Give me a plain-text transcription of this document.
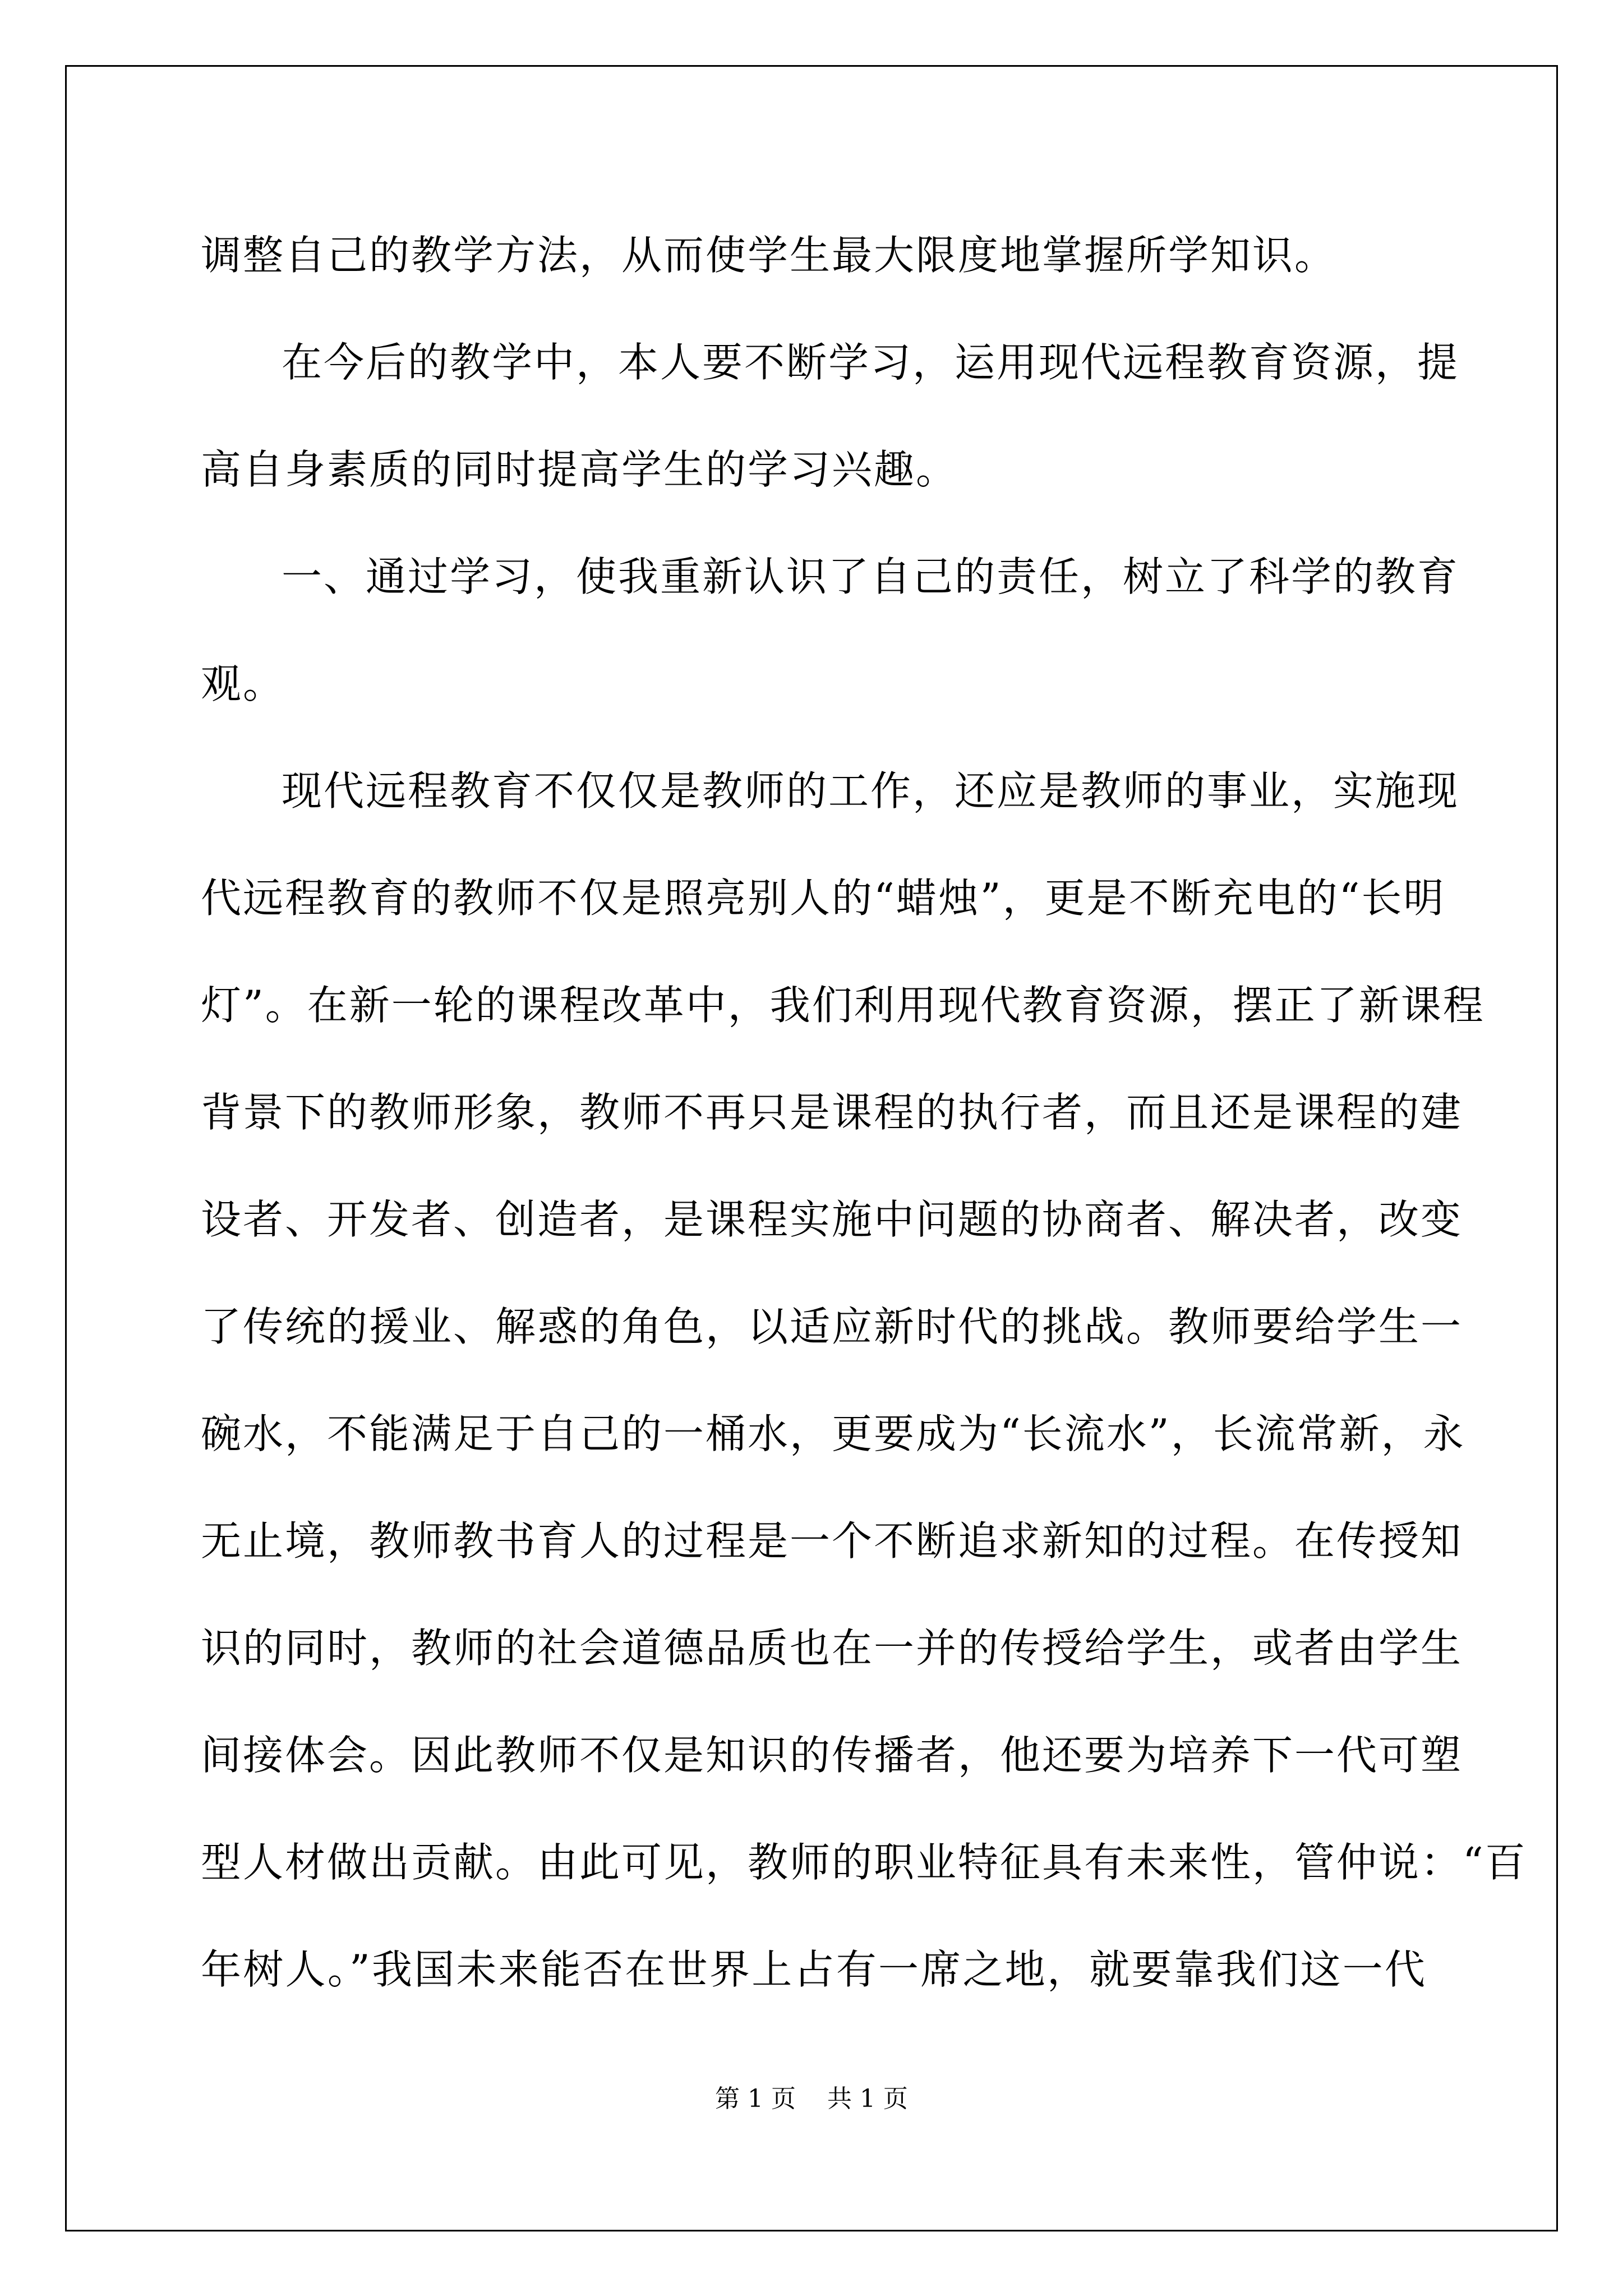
调整自己的教学方法，从而使学生最大限度地掌握所学知识。
在今后的教学中，本人要不断学习，运用现代远程教育资源，提
高自身素质的同时提高学生的学习兴趣。
一、通过学习，使我重新认识了自己的责任，树立了科学的教育
观。
现代远程教育不仅仅是教师的工作，还应是教师的事业，实施现
代远程教育的教师不仅是照亮别人的“蜡烛”，更是不断充电的“长明
灯”。在新一轮的课程改革中，我们利用现代教育资源，摆正了新课程
背景下的教师形象，教师不再只是课程的执行者，而且还是课程的建
设者、开发者、创造者，是课程实施中问题的协商者、解决者，改变
了传统的援业、解惑的角色，以适应新时代的挑战。教师要给学生一
碗水，不能满足于自己的一桶水，更要成为“长流水”，长流常新，永
无止境，教师教书育人的过程是一个不断追求新知的过程。在传授知
识的同时，教师的社会道德品质也在一并的传授给学生，或者由学生
间接体会。因此教师不仅是知识的传播者，他还要为培养下一代可塑
型人材做出贡献。由此可见，教师的职业特征具有未来性，管仲说：“百
年树人。”我国未来能否在世界上占有一席之地，就要靠我们这一代
第 1 页    共 1 页
